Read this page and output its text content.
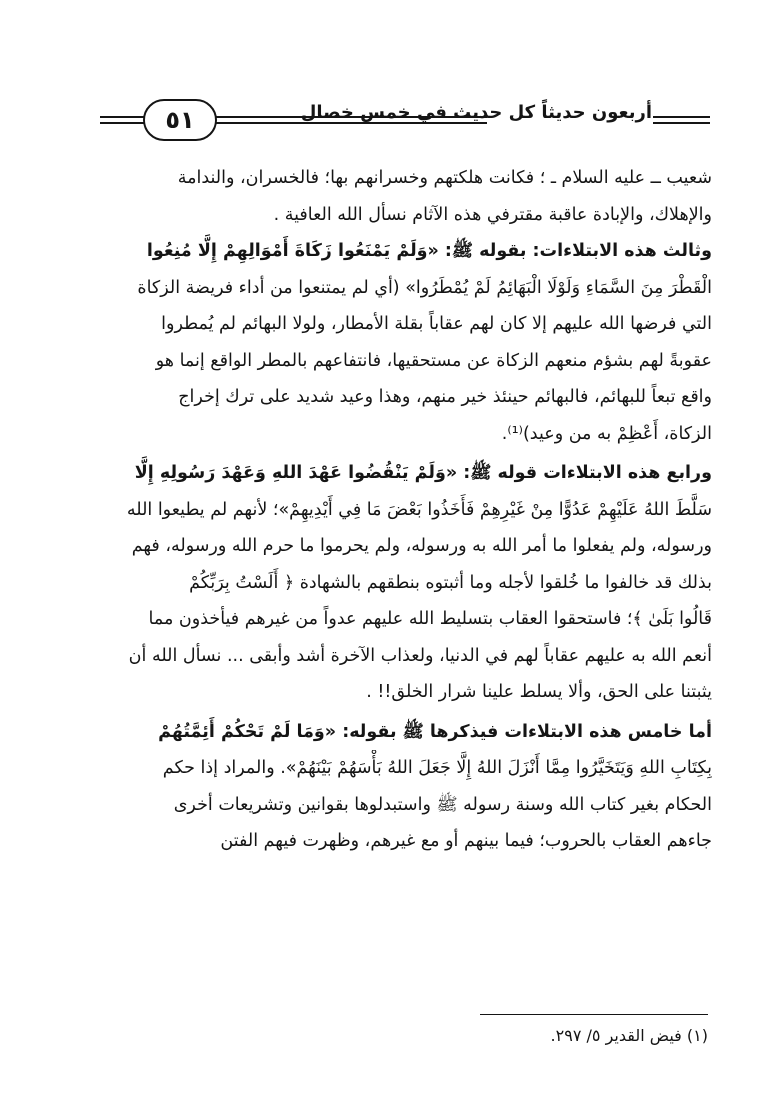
٥١	أربعون حديثاً كل حديث في خمس خصال
شعيب ــ عليه السلام ـ ؛ فكانت هلكتهم وخسرانهم بها؛ فالخسران، والندامة
والإهلاك، والإبادة عاقبة مقترفي هذه الآثام نسأل الله العافية .
وثالث هذه الابتلاءات: بقوله ﷺ: «وَلَمْ يَمْنَعُوا زَكَاةَ أَمْوَالِهِمْ إِلَّا مُنِعُوا
الْقَطْرَ مِنَ السَّمَاءِ وَلَوْلَا الْبَهَائِمُ لَمْ يُمْطَرُوا» (أي لم يمتنعوا من أداء فريضة الزكاة
التي فرضها الله عليهم إلا كان لهم عقاباً بقلة الأمطار، ولولا البهائم لم يُمطروا
عقوبةً لهم بشؤم منعهم الزكاة عن مستحقيها، فانتفاعهم بالمطر الواقع إنما هو
واقع تبعاً للبهائم، فالبهائم حينئذ خير منهم، وهذا وعيد شديد على ترك إخراج
الزكاة، أَعْظِمْ به من وعيد)⁽¹⁾.
ورابع هذه الابتلاءات قوله ﷺ: «وَلَمْ يَنْقُضُوا عَهْدَ اللهِ وَعَهْدَ رَسُولِهِ إِلَّا
سَلَّطَ اللهُ عَلَيْهِمْ عَدُوًّا مِنْ غَيْرِهِمْ فَأَخَذُوا بَعْضَ مَا فِي أَيْدِيهِمْ»؛ لأنهم لم يطيعوا الله
ورسوله، ولم يفعلوا ما أمر الله به ورسوله، ولم يحرموا ما حرم الله ورسوله، فهم
بذلك قد خالفوا ما خُلقوا لأجله وما أثبتوه بنطقهم بالشهادة ﴿ أَلَسْتُ بِرَبِّكُمْ
قَالُوا بَلَىٰ ﴾؛ فاستحقوا العقاب بتسليط الله عليهم عدواً من غيرهم فيأخذون مما
أنعم الله به عليهم عقاباً لهم في الدنيا، ولعذاب الآخرة أشد وأبقى ... نسأل الله أن
يثبتنا على الحق، وألا يسلط علينا شرار الخلق!! .
أما خامس هذه الابتلاءات فيذكرها ﷺ بقوله: «وَمَا لَمْ تَحْكُمْ أَئِمَّتُهُمْ
بِكِتَابِ اللهِ وَيَتَخَيَّرُوا مِمَّا أَنْزَلَ اللهُ إِلَّا جَعَلَ اللهُ بَأْسَهُمْ بَيْنَهُمْ». والمراد إذا حكم
الحكام بغير كتاب الله وسنة رسوله ﷺ واستبدلوها بقوانين وتشريعات أخرى
جاءهم العقاب بالحروب؛ فيما بينهم أو مع غيرهم، وظهرت فيهم الفتن
(١) فيض القدير ٥/ ٢٩٧.
